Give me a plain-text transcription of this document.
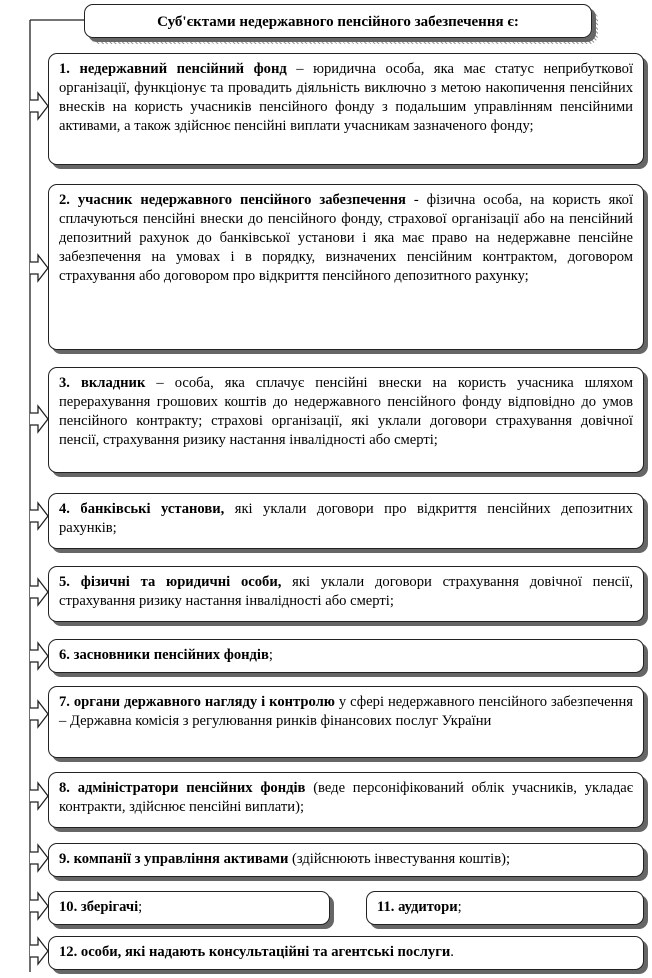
Суб'єктами недержавного пенсійного забезпечення є:
1. недержавний пенсійний фонд – юридична особа, яка має статус неприбуткової організації, функціонує та провадить діяльність виключно з метою накопичення пенсійних внесків на користь учасників пенсійного фонду з подальшим управлінням пенсійними активами, а також здійснює пенсійні виплати учасникам зазначеного фонду;
2. учасник недержавного пенсійного забезпечення - фізична особа, на користь якої сплачуються пенсійні внески до пенсійного фонду, страхової організації або на пенсійний депозитний рахунок до банківської установи і яка має право на недержавне пенсійне забезпечення на умовах і в порядку, визначених пенсійним контрактом, договором страхування або договором про відкриття пенсійного депозитного рахунку;
3. вкладник – особа, яка сплачує пенсійні внески на користь учасника шляхом перерахування грошових коштів до недержавного пенсійного фонду відповідно до умов пенсійного контракту; страхові організації, які уклали договори страхування довічної пенсії, страхування ризику настання інвалідності або смерті;
4. банківські установи, які уклали договори про відкриття пенсійних депозитних рахунків;
5. фізичні та юридичні особи, які уклали договори страхування довічної пенсії, страхування ризику настання інвалідності або смерті;
6. засновники пенсійних фондів;
7. органи державного нагляду і контролю у сфері недержавного пенсійного забезпечення – Державна комісія з регулювання ринків фінансових послуг України
8. адміністратори пенсійних фондів (веде персоніфікований облік учасників, укладає контракти, здійснює пенсійні виплати);
9. компанії з управління активами (здійснюють інвестування коштів);
10. зберігачі;	11. аудитори;
12. особи, які надають консультаційні та агентські послуги.
